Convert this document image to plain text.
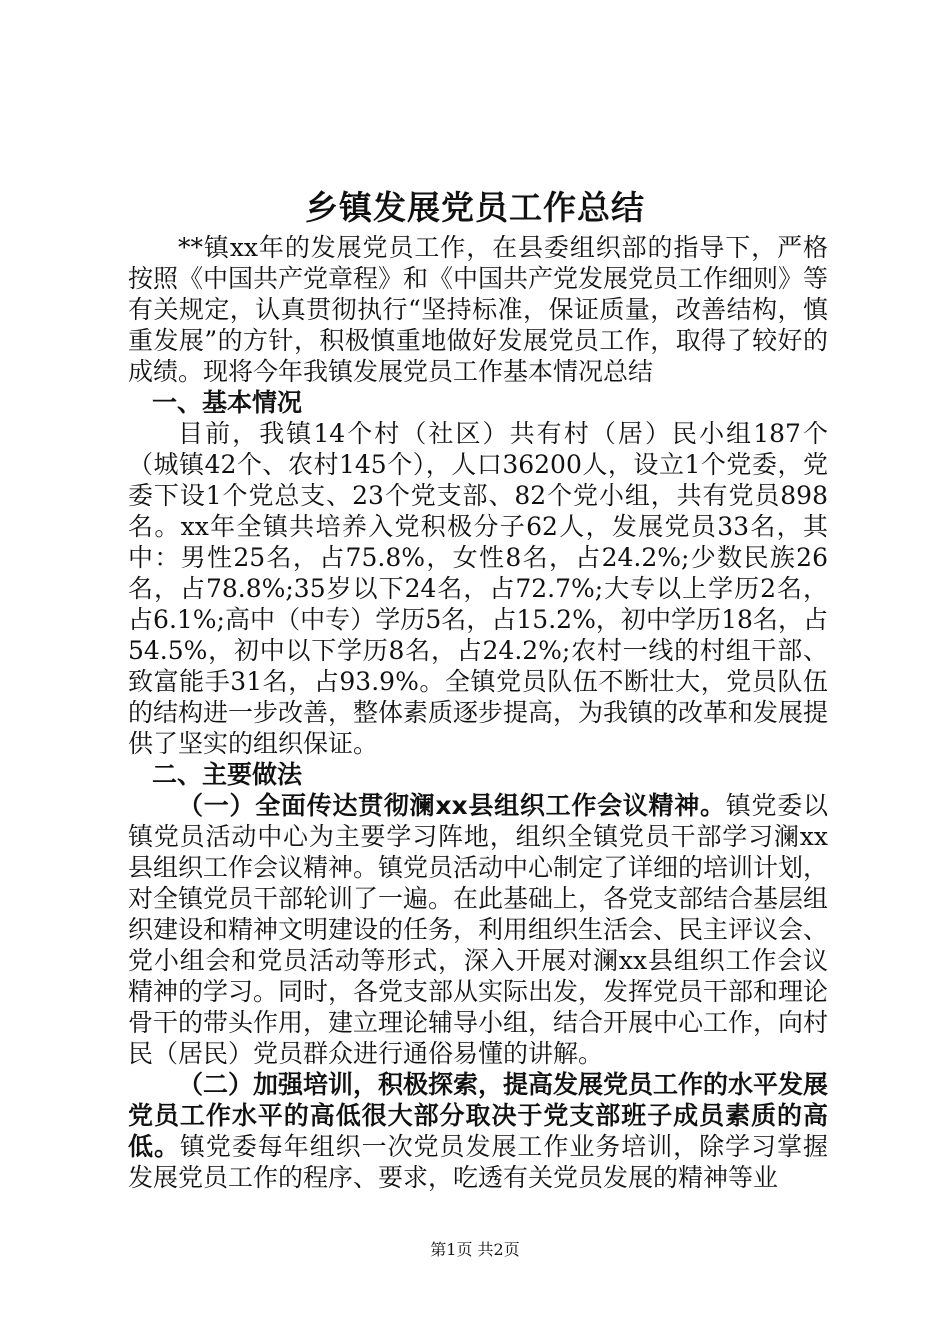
乡镇发展党员工作总结

**镇xx年的发展党员工作，在县委组织部的指导下，严格按照《中国共产党章程》和《中国共产党发展党员工作细则》等有关规定，认真贯彻执行“坚持标准，保证质量，改善结构，慎重发展”的方针，积极慎重地做好发展党员工作，取得了较好的成绩。现将今年我镇发展党员工作基本情况总结

一、基本情况

目前，我镇14个村（社区）共有村（居）民小组187个（城镇42个、农村145个），人口36200人，设立1个党委，党委下设1个党总支、23个党支部、82个党小组，共有党员898名。xx年全镇共培养入党积极分子62人，发展党员33名，其中：男性25名，占75.8%，女性8名，占24.2%;少数民族26名，占78.8%;35岁以下24名，占72.7%;大专以上学历2名，占6.1%;高中（中专）学历5名，占15.2%，初中学历18名，占54.5%，初中以下学历8名，占24.2%;农村一线的村组干部、致富能手31名，占93.9%。全镇党员队伍不断壮大，党员队伍的结构进一步改善，整体素质逐步提高，为我镇的改革和发展提供了坚实的组织保证。

二、主要做法

（一）全面传达贯彻澜xx县组织工作会议精神。镇党委以镇党员活动中心为主要学习阵地，组织全镇党员干部学习澜xx县组织工作会议精神。镇党员活动中心制定了详细的培训计划，对全镇党员干部轮训了一遍。在此基础上，各党支部结合基层组织建设和精神文明建设的任务，利用组织生活会、民主评议会、党小组会和党员活动等形式，深入开展对澜xx县组织工作会议精神的学习。同时，各党支部从实际出发，发挥党员干部和理论骨干的带头作用，建立理论辅导小组，结合开展中心工作，向村民（居民）党员群众进行通俗易懂的讲解。

（二）加强培训，积极探索，提高发展党员工作的水平发展党员工作水平的高低很大部分取决于党支部班子成员素质的高低。镇党委每年组织一次党员发展工作业务培训，除学习掌握发展党员工作的程序、要求，吃透有关党员发展的精神等业

第1页 共2页
